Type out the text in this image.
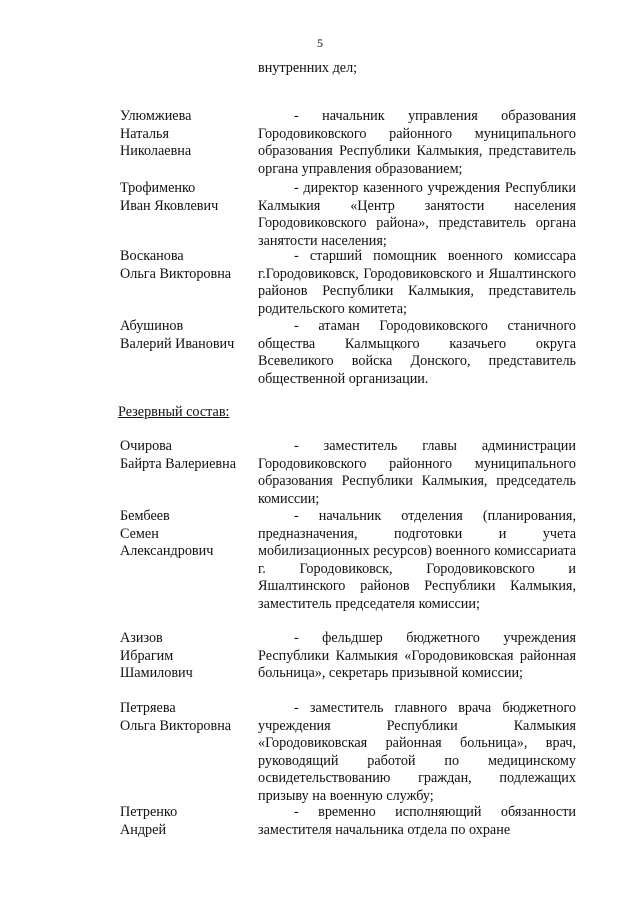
5
внутренних дел;
Улюмжиева
Наталья
Николаевна
- начальник управления образования Городовиковского районного муниципального образования Республики Калмыкия, представитель органа управления образованием;
Трофименко
Иван Яковлевич
- директор казенного учреждения Республики Калмыкия «Центр занятости населения Городовиковского района», представитель органа занятости населения;
Восканова
Ольга Викторовна
- старший помощник военного комиссара г.Городовиковск, Городовиковского и Яшалтинского районов Республики Калмыкия, представитель родительского комитета;
Абушинов
Валерий Иванович
- атаман Городовиковского станичного общества Калмыцкого казачьего округа Всевеликого войска Донского, представитель общественной организации.
Резервный состав:
Очирова
Байрта Валериевна
- заместитель главы администрации Городовиковского районного муниципального образования Республики Калмыкия, председатель комиссии;
Бембеев
Семен
Александрович
- начальник отделения (планирования, предназначения, подготовки и учета мобилизационных ресурсов) военного комиссариата г. Городовиковск, Городовиковского и Яшалтинского районов Республики Калмыкия, заместитель председателя комиссии;
Азизов
Ибрагим
Шамилович
- фельдшер бюджетного учреждения Республики Калмыкия «Городовиковская районная больница», секретарь призывной комиссии;
Петряева
Ольга Викторовна
- заместитель главного врача бюджетного учреждения Республики Калмыкия «Городовиковская районная больница», врач, руководящий работой по медицинскому освидетельствованию граждан, подлежащих призыву на военную службу;
Петренко
Андрей
- временно исполняющий обязанности заместителя начальника отдела по охране
